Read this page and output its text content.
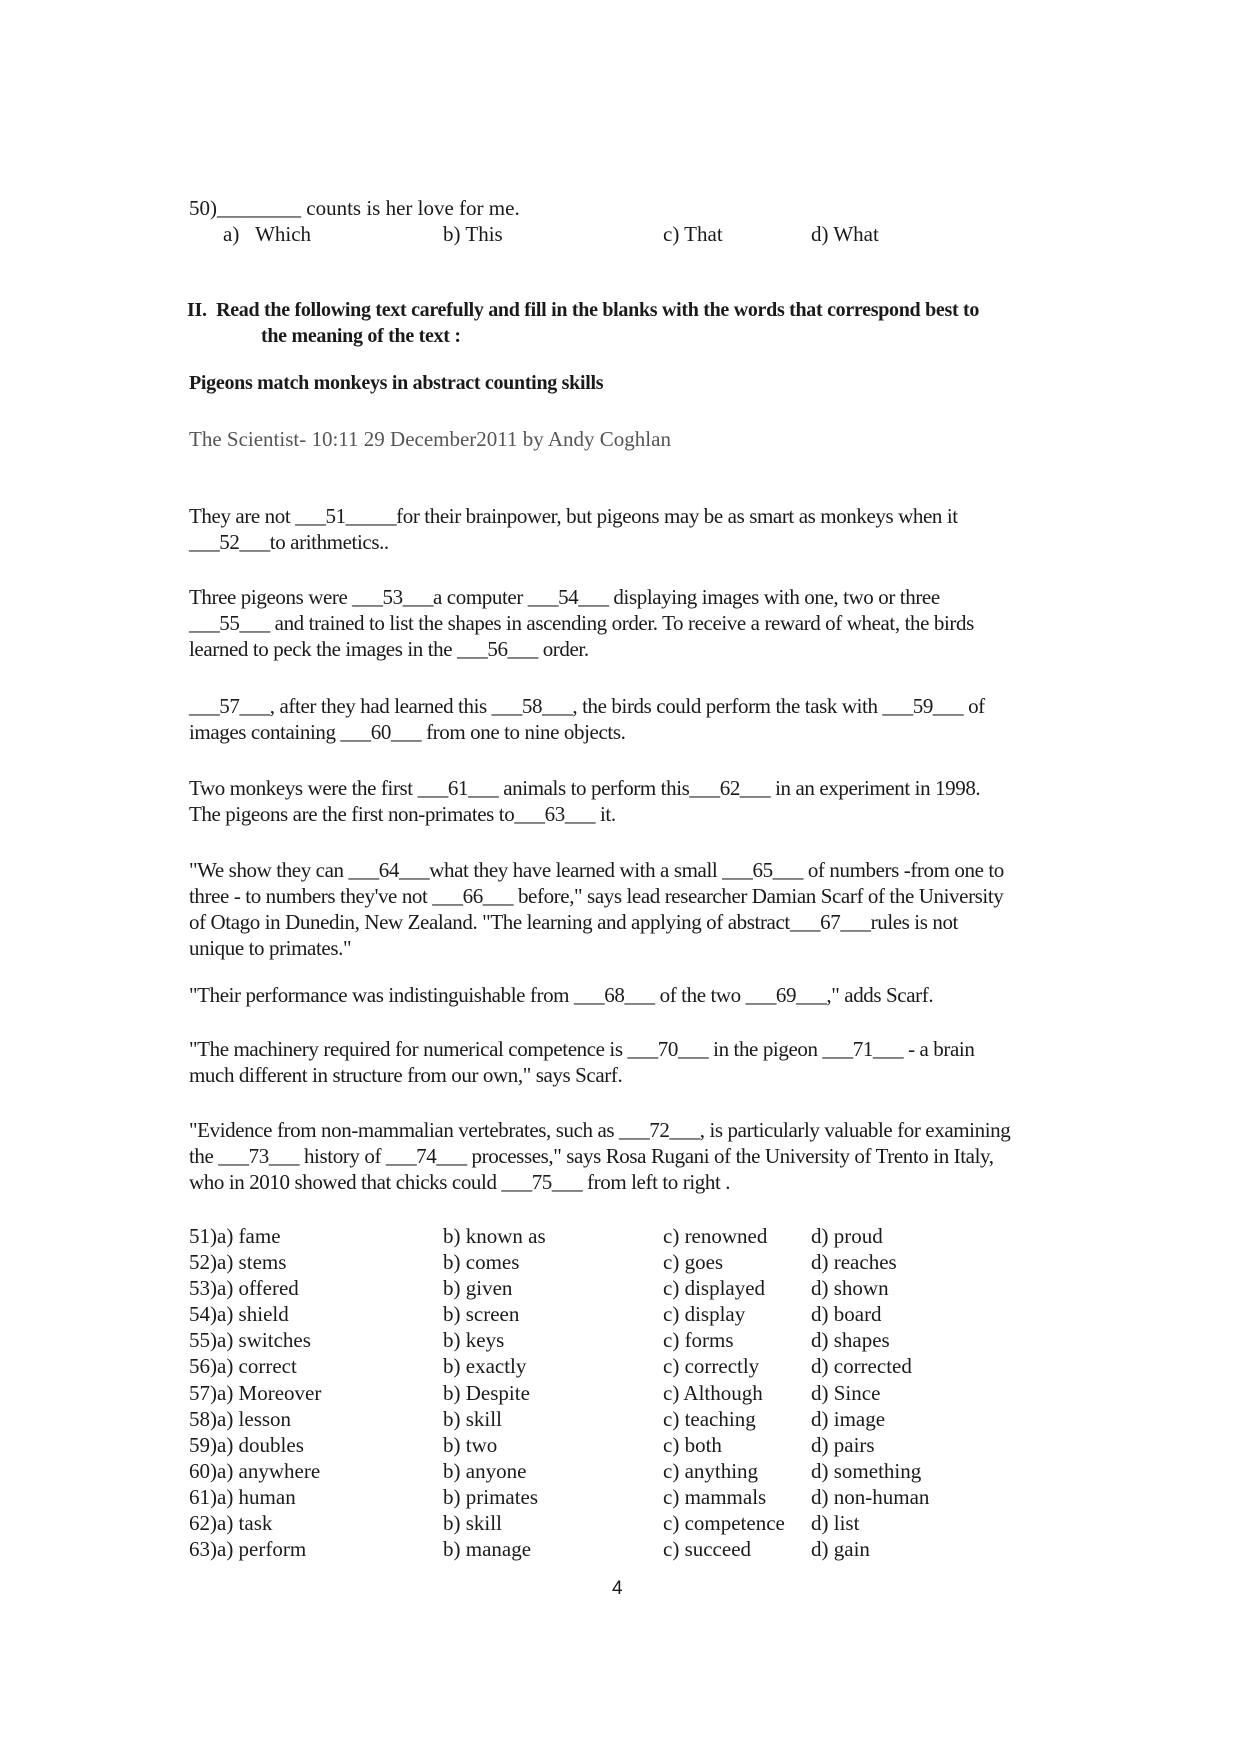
50)________ counts is her love for me.
a)   Which	b) This	c) That	d) What
II.  Read the following text carefully and fill in the blanks with the words that correspond best to
the meaning of the text :
Pigeons match monkeys in abstract counting skills
The Scientist- 10:11 29 December2011 by Andy Coghlan
They are not ___51_____for their brainpower, but pigeons may be as smart as monkeys when it
___52___to arithmetics..
Three pigeons were ___53___a computer ___54___ displaying images with one, two or three
___55___ and trained to list the shapes in ascending order. To receive a reward of wheat, the birds
learned to peck the images in the ___56___ order.
___57___, after they had learned this ___58___, the birds could perform the task with ___59___ of
images containing ___60___ from one to nine objects.
Two monkeys were the first ___61___ animals to perform this___62___ in an experiment in 1998.
The pigeons are the first non-primates to___63___ it.
"We show they can ___64___what they have learned with a small ___65___ of numbers -from one to
three - to numbers they've not ___66___ before," says lead researcher Damian Scarf of the University
of Otago in Dunedin, New Zealand. "The learning and applying of abstract___67___rules is not
unique to primates."
"Their performance was indistinguishable from ___68___ of the two ___69___," adds Scarf.
"The machinery required for numerical competence is ___70___ in the pigeon ___71___ - a brain
much different in structure from our own," says Scarf.
"Evidence from non-mammalian vertebrates, such as ___72___, is particularly valuable for examining
the ___73___ history of ___74___ processes," says Rosa Rugani of the University of Trento in Italy,
who in 2010 showed that chicks could ___75___ from left to right .
51)a) fame	b) known as	c) renowned d) proud
52)a) stems	b) comes	c) goes	d) reaches
53)a) offered	b) given	c) displayed d) shown
54)a) shield	b) screen	c) display	d) board
55)a) switches	b) keys	c) forms	d) shapes
56)a) correct	b) exactly	c) correctly d) corrected
57)a) Moreover	b) Despite	c) Although d) Since
58)a) lesson	b) skill	c) teaching	d) image
59)a) doubles	b) two	c) both	d) pairs
60)a) anywhere	b) anyone	c) anything	d) something
61)a) human	b) primates	c) mammals d) non-human
62)a) task	b) skill	c) competence d) list
63)a) perform	b) manage	c) succeed	d) gain
4
